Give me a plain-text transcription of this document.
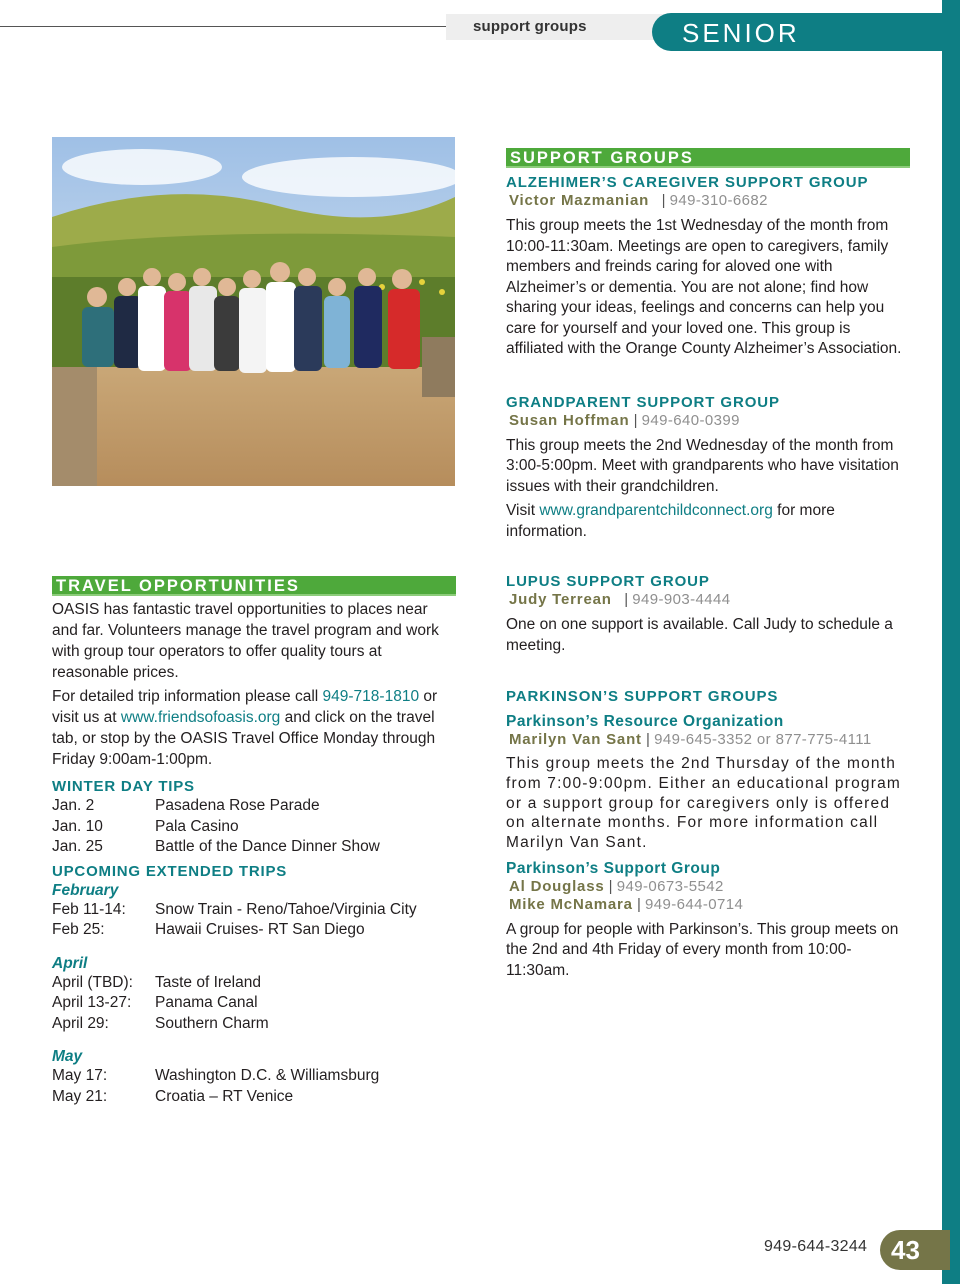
support groups	SENIOR SERVICES
TRAVEL OPPORTUNITIES

OASIS has fantastic travel opportunities to places near and far. Volunteers manage the travel program and work with group tour operators to offer quality tours at reasonable prices.

For detailed trip information please call 949-718-1810 or visit us at www.friendsofoasis.org and click on the travel tab, or stop by the OASIS Travel Office Monday through Friday 9:00am-1:00pm.

WINTER DAY TIPS
Jan. 2	Pasadena Rose Parade
Jan. 10	Pala Casino
Jan. 25	Battle of the Dance Dinner Show
UPCOMING EXTENDED TRIPS
February
Feb 11-14:	Snow Train - Reno/Tahoe/Virginia City
Feb 25:	Hawaii Cruises- RT San Diego
April
April (TBD):	Taste of Ireland
April 13-27:	Panama Canal
April 29:	Southern Charm
May
May 17:	Washington D.C. & Williamsburg
May 21:	Croatia – RT Venice
SUPPORT GROUPS
ALZEHIMER’S CAREGIVER SUPPORT GROUP
Victor Mazmanian   | 949-310-6682

This group meets the 1st Wednesday of the month from 10:00-11:30am. Meetings are open to caregivers, family members and freinds caring for aloved one with Alzheimer’s or dementia. You are not alone; find how sharing your ideas, feelings and concerns can help you care for yourself and your loved one. This group is affiliated with the Orange County Alzheimer’s Association.

GRANDPARENT SUPPORT GROUP
Susan Hoffman | 949-640-0399

This group meets the 2nd Wednesday of the month from 3:00-5:00pm. Meet with grandparents who have visitation issues with their grandchildren.

Visit www.grandparentchildconnect.org for more information.

LUPUS SUPPORT GROUP
Judy Terrean   | 949-903-4444

One on one support is available. Call Judy to schedule a meeting.

PARKINSON’S SUPPORT GROUPS
Parkinson’s Resource Organization
Marilyn Van Sant | 949-645-3352 or 877-775-4111

This group meets the 2nd Thursday of the month from 7:00-9:00pm. Either an educational program or a support group for caregivers only is offered on alternate months. For more information call Marilyn Van Sant.

Parkinson’s Support Group
Al Douglass | 949-0673-5542
Mike McNamara | 949-644-0714

A group for people with Parkinson’s. This group meets on the 2nd and 4th Friday of every month from 10:00-11:30am.

949-644-3244 43
